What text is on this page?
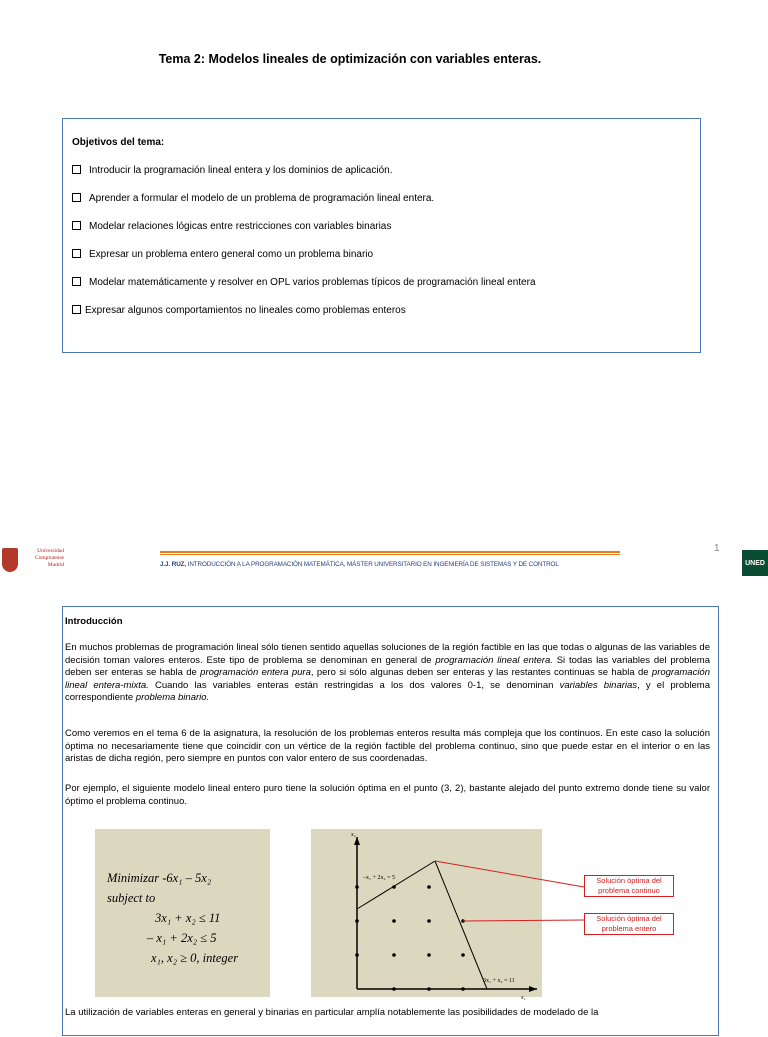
Tema 2: Modelos lineales de optimización con variables enteras.
Objetivos del tema:
Introducir la programación lineal entera y los dominios de aplicación.
Aprender a formular el modelo de un problema de programación lineal entera.
Modelar relaciones lógicas entre restricciones con variables binarias
Expresar un problema entero general como un problema binario
Modelar matemáticamente y resolver en OPL varios problemas típicos de programación lineal entera
Expresar algunos comportamientos no lineales como problemas enteros
Universidad
Complutense
Madrid	J.J. RUZ, INTRODUCCIÓN A LA PROGRAMACIÓN MATEMÁTICA, MÁSTER UNIVERSITARIO EN INGENIERÍA DE SISTEMAS Y DE CONTROL
1
UNED
Introducción
En muchos problemas de programación lineal sólo tienen sentido aquellas soluciones de la región factible en las que todas o algunas de las variables de decisión toman valores enteros. Este tipo de problema se denominan en general de programación lineal entera. Si todas las variables del problema deben ser enteras se habla de programación entera pura, pero si sólo algunas deben ser enteras y las restantes continuas se habla de programación lineal entera-mixta. Cuando las variables enteras están restringidas a los dos valores 0-1, se denominan variables binarias, y el problema correspondiente problema binario.
Como veremos en el tema 6 de la asignatura, la resolución de los problemas enteros resulta más compleja que los continuos. En este caso la solución óptima no necesariamente tiene que coincidir con un vértice de la región factible del problema continuo, sino que puede estar en el interior o en las aristas de dicha región, pero siempre en puntos con valor entero de sus coordenadas.
Por ejemplo, el siguiente modelo lineal entero puro tiene la solución óptima en el punto (3, 2), bastante alejado del punto extremo donde tiene su valor óptimo el problema continuo.
Minimizar -6x₁ – 5x₂
subject to
3x₁ + x₂ ≤ 11
– x₁ + 2x₂ ≤ 5
x₁, x₂ ≥ 0, integer
x₂
x₁
–x₁ + 2x₂ = 5
3x₁ + x₂ = 11
Solución óptima del problema continuo
Solución óptima del problema entero
La utilización de variables enteras en general y binarias en particular amplía notablemente las posibilidades de modelado de la
